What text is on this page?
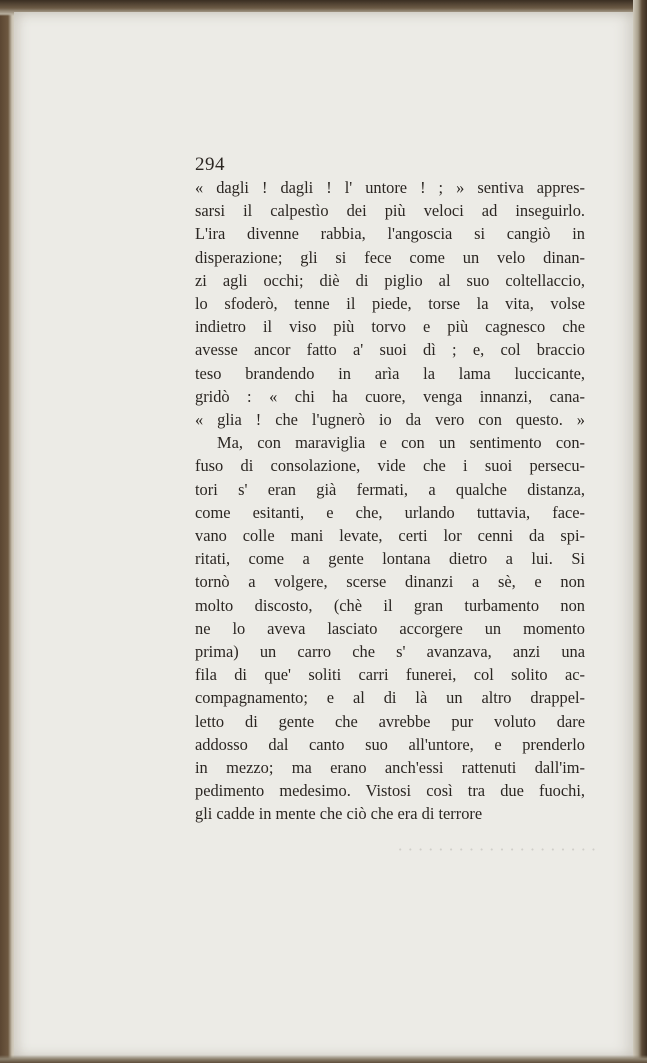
· · · · · · · · · · · · · · · · · · · ·
294
« dagli ! dagli ! l' untore ! ; » sentiva appres-
sarsi il calpestìo dei più veloci ad inseguirlo.
L'ira divenne rabbia, l'angoscia si cangiò in
disperazione; gli si fece come un velo dinan-
zi agli occhi; diè di piglio al suo coltellaccio,
lo sfoderò, tenne il piede, torse la vita, volse
indietro il viso più torvo e più cagnesco che
avesse ancor fatto a' suoi dì ; e, col braccio
teso brandendo in arìa la lama luccicante,
gridò : « chi ha cuore, venga innanzi, cana-
« glia ! che l'ugnerò io da vero con questo. »
Ma, con maraviglia e con un sentimento con-
fuso di consolazione, vide che i suoi persecu-
tori s' eran già fermati, a qualche distanza,
come esitanti, e che, urlando tuttavia, face-
vano colle mani levate, certi lor cenni da spi-
ritati, come a gente lontana dietro a lui. Si
tornò a volgere, scerse dinanzi a sè, e non
molto discosto, (chè il gran turbamento non
ne lo aveva lasciato accorgere un momento
prima) un carro che s' avanzava, anzi una
fila di que' soliti carri funerei, col solito ac-
compagnamento; e al di là un altro drappel-
letto di gente che avrebbe pur voluto dare
addosso dal canto suo all'untore, e prenderlo
in mezzo; ma erano anch'essi rattenuti dall'im-
pedimento medesimo. Vistosi così tra due fuochi,
gli cadde in mente che ciò che era di terrore
